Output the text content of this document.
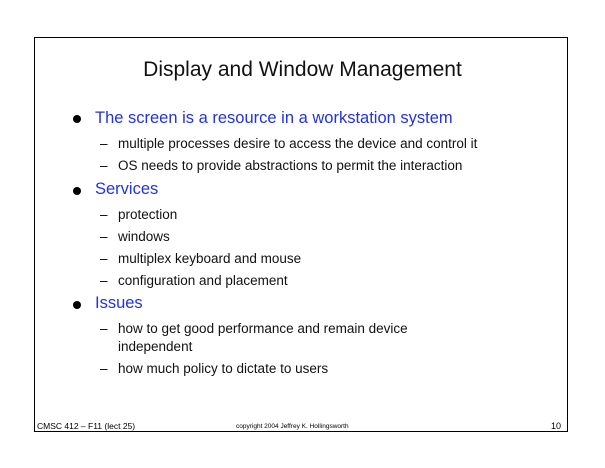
Display and Window Management
The screen is a resource in a workstation system
– multiple processes desire to access the device and control it
– OS needs to provide abstractions to permit the interaction
Services
– protection
– windows
– multiplex keyboard and mouse
– configuration and placement
Issues
– how to get good performance and remain device
independent
– how much policy to dictate to users
CMSC 412 – F11 (lect 25)	copyright 2004 Jeffrey K. Hollingsworth	10
